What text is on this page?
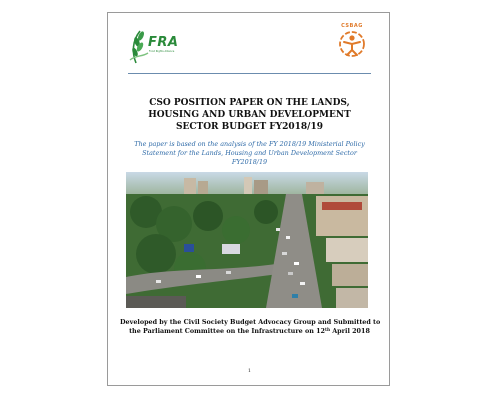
FRA
Food Rights Alliance
CSBAG
CSO POSITION PAPER ON THE LANDS,
HOUSING AND URBAN DEVELOPMENT
SECTOR BUDGET FY2018/19

The paper is based on the analysis of the FY 2018/19 Ministerial Policy
Statement for the Lands, Housing and Urban Development Sector
FY2018/19

Developed by the Civil Society Budget Advocacy Group and Submitted to
the Parliament Committee on the Infrastructure on 12th April 2018

1
